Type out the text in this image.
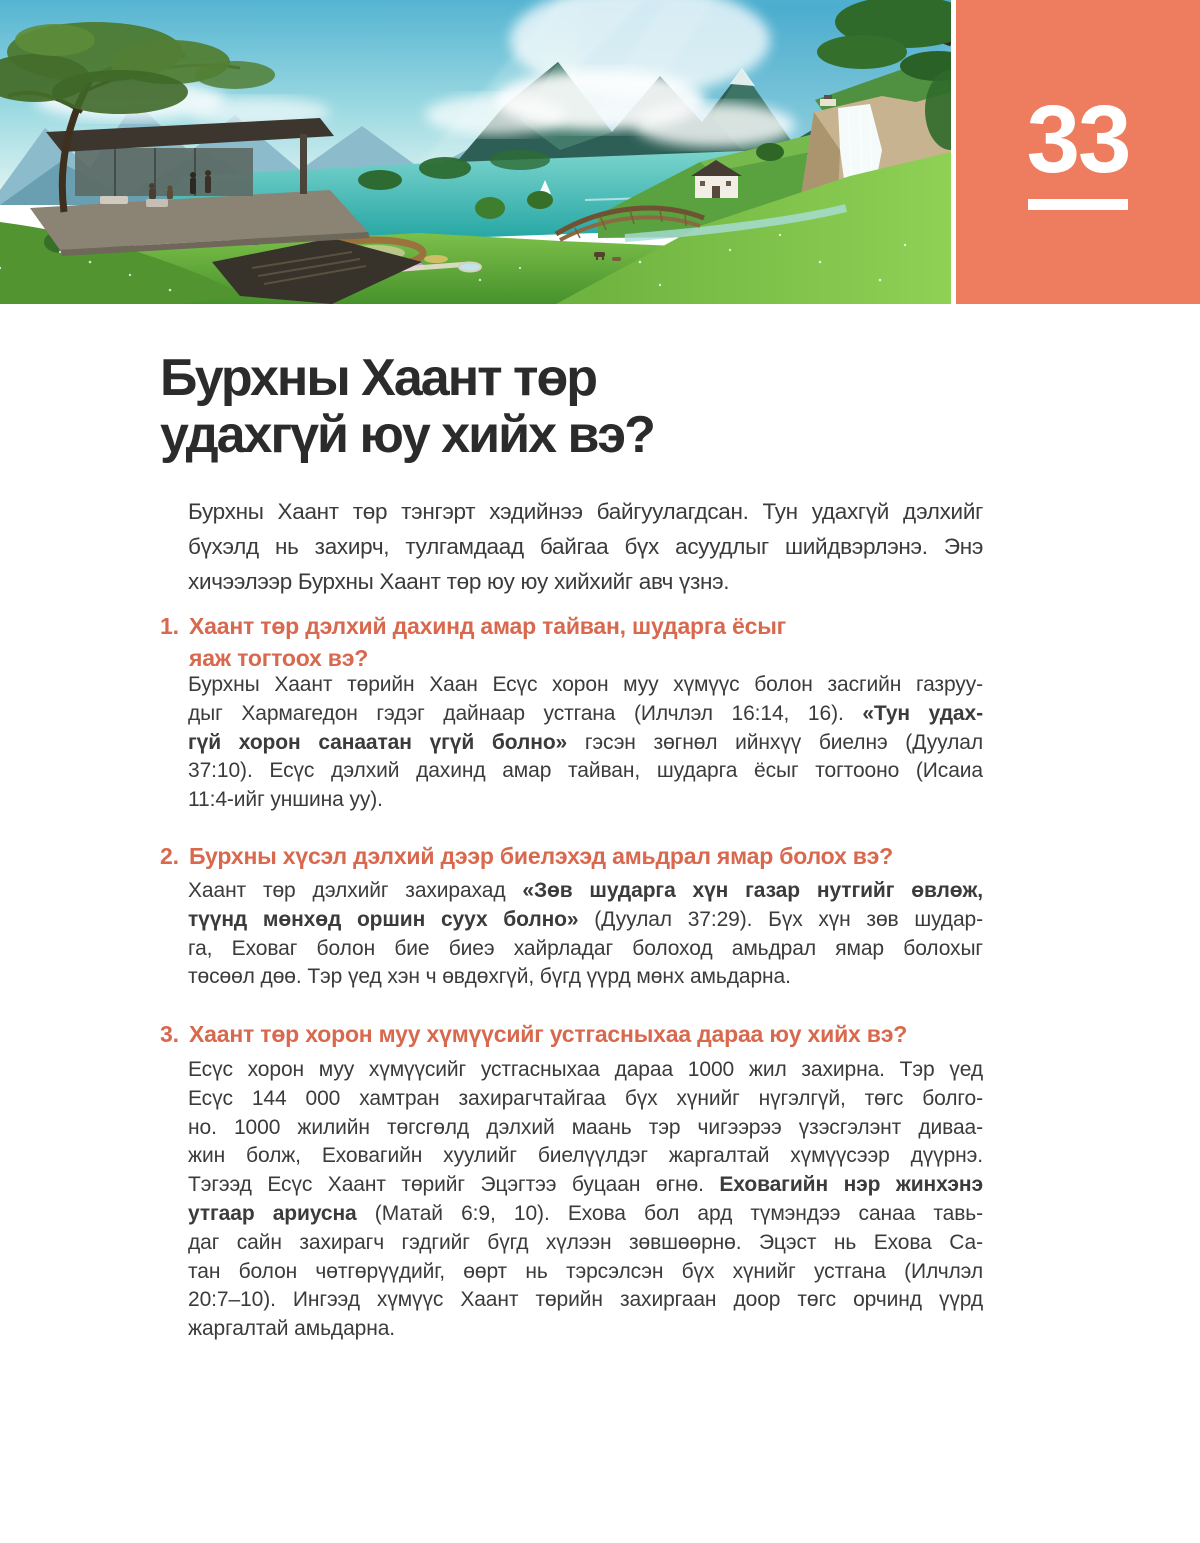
33
Бурхны Хаант төр
удахгүй юу хийх вэ?
Бурхны Хаант төр тэнгэрт хэдийнээ байгуулагдсан. Тун удахгүй дэлхийг
бүхэлд нь захирч, тулгамдаад байгаа бүх асуудлыг шийдвэрлэнэ. Энэ
хичээлээр Бурхны Хаант төр юу юу хийхийг авч үзнэ.
1. Хаант төр дэлхий дахинд амар тайван, шударга ёсыг
яаж тогтоох вэ?
Бурхны Хаант төрийн Хаан Есүс хорон муу хүмүүс болон засгийн газруу-
дыг Хармагедон гэдэг дайнаар устгана (Илчлэл 16:14, 16). «Тун удах-
гүй хорон санаатан үгүй болно» гэсэн зөгнөл ийнхүү биелнэ (Дуулал
37:10). Есүс дэлхий дахинд амар тайван, шударга ёсыг тогтооно (Исаиа
11:4-ийг уншина уу).
2. Бурхны хүсэл дэлхий дээр биелэхэд амьдрал ямар болох вэ?
Хаант төр дэлхийг захирахад «Зөв шударга хүн газар нутгийг өвлөж,
түүнд мөнхөд оршин суух болно» (Дуулал 37:29). Бүх хүн зөв шудар-
га, Еховаг болон бие биеэ хайрладаг болоход амьдрал ямар болохыг
төсөөл дөө. Тэр үед хэн ч өвдөхгүй, бүгд үүрд мөнх амьдарна.
3. Хаант төр хорон муу хүмүүсийг устгасныхаа дараа юу хийх вэ?
Есүс хорон муу хүмүүсийг устгасныхаа дараа 1000 жил захирна. Тэр үед
Есүс 144 000 хамтран захирагчтайгаа бүх хүнийг нүгэлгүй, төгс болго-
но. 1000 жилийн төгсгөлд дэлхий маань тэр чигээрээ үзэсгэлэнт диваа-
жин болж, Еховагийн хуулийг биелүүлдэг жаргалтай хүмүүсээр дүүрнэ.
Тэгээд Есүс Хаант төрийг Эцэгтээ буцаан өгнө. Еховагийн нэр жинхэнэ
утгаар ариусна (Матай 6:9, 10). Ехова бол ард түмэндээ санаа тавь-
даг сайн захирагч гэдгийг бүгд хүлээн зөвшөөрнө. Эцэст нь Ехова Са-
тан болон чөтгөрүүдийг, өөрт нь тэрсэлсэн бүх хүнийг устгана (Илчлэл
20:7–10). Ингээд хүмүүс Хаант төрийн захиргаан доор төгс орчинд үүрд
жаргалтай амьдарна.
